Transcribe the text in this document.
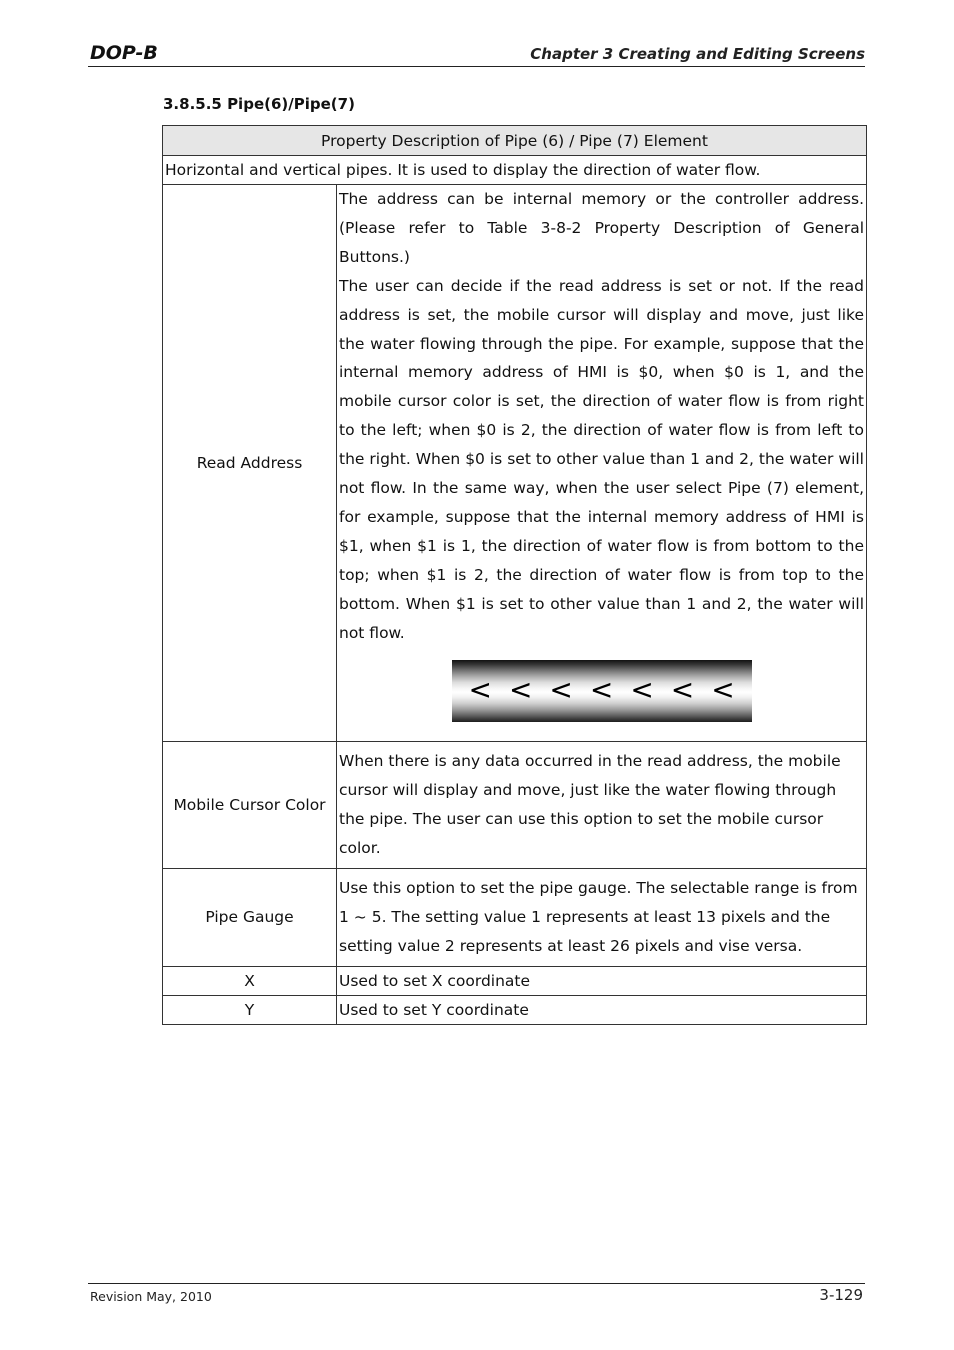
DOP-B	Chapter 3 Creating and Editing Screens
3.8.5.5 Pipe(6)/Pipe(7)
Property Description of Pipe (6) / Pipe (7) Element	
Horizontal and vertical pipes. It is used to display the direction of water flow.	
Read Address	The address can be internal memory or the controller address. (Please refer to Table 3-8-2 Property Description of General Buttons.)

The user can decide if the read address is set or not. If the read address is set, the mobile cursor will display and move, just like the water flowing through the pipe. For example, suppose that the internal memory address of HMI is $0, when $0 is 1, and the mobile cursor color is set, the direction of water flow is from right to the left; when $0 is 2, the direction of water flow is from left to the right. When $0 is set to other value than 1 and 2, the water will not flow. In the same way, when the user select Pipe (7) element, for example, suppose that the internal memory address of HMI is $1, when $1 is 1, the direction of water flow is from bottom to the top; when $1 is 2, the direction of water flow is from top to the bottom. When $1 is set to other value than 1 and 2, the water will not flow.

<<<<<<<

Mobile Cursor Color	When there is any data occurred in the read address, the mobile cursor will display and move, just like the water flowing through the pipe. The user can use this option to set the mobile cursor color.
Pipe Gauge	Use this option to set the pipe gauge. The selectable range is from 1 ~ 5. The setting value 1 represents at least 13 pixels and the setting value 2 represents at least 26 pixels and vise versa.
X	Used to set X coordinate
Y	Used to set Y coordinate
Revision May, 2010	3-129
